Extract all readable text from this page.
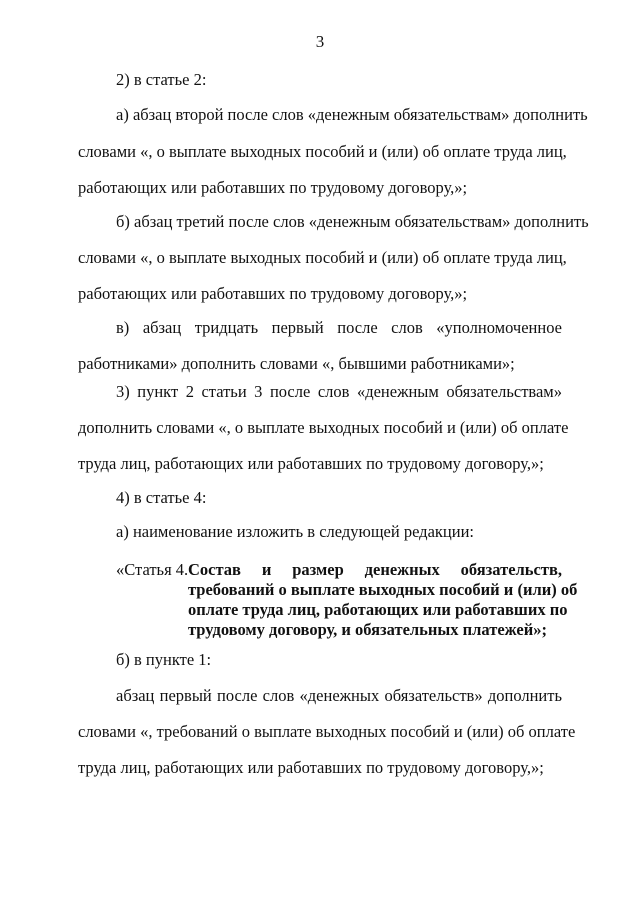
3
2) в статье 2:
а) абзац второй после слов «денежным обязательствам» дополнить
словами «, о выплате выходных пособий и (или) об оплате труда лиц,
работающих или работавших по трудовому договору,»;
б) абзац третий после слов «денежным обязательствам» дополнить
словами «, о выплате выходных пособий и (или) об оплате труда лиц,
работающих или работавших по трудовому договору,»;
в) абзац тридцать первый после слов «уполномоченное
работниками» дополнить словами «, бывшими работниками»;
3) пункт 2 статьи 3 после слов «денежным обязательствам»
дополнить словами «, о выплате выходных пособий и (или) об оплате
труда лиц, работающих или работавших по трудовому договору,»;
4) в статье 4:
а) наименование изложить в следующей редакции:
«Статья 4. Состав и размер денежных обязательств,
требований о выплате выходных пособий и (или) об
оплате труда лиц, работающих или работавших по
трудовому договору, и обязательных платежей»;
б) в пункте 1:
абзац первый после слов «денежных обязательств» дополнить
словами «, требований о выплате выходных пособий и (или) об оплате
труда лиц, работающих или работавших по трудовому договору,»;
